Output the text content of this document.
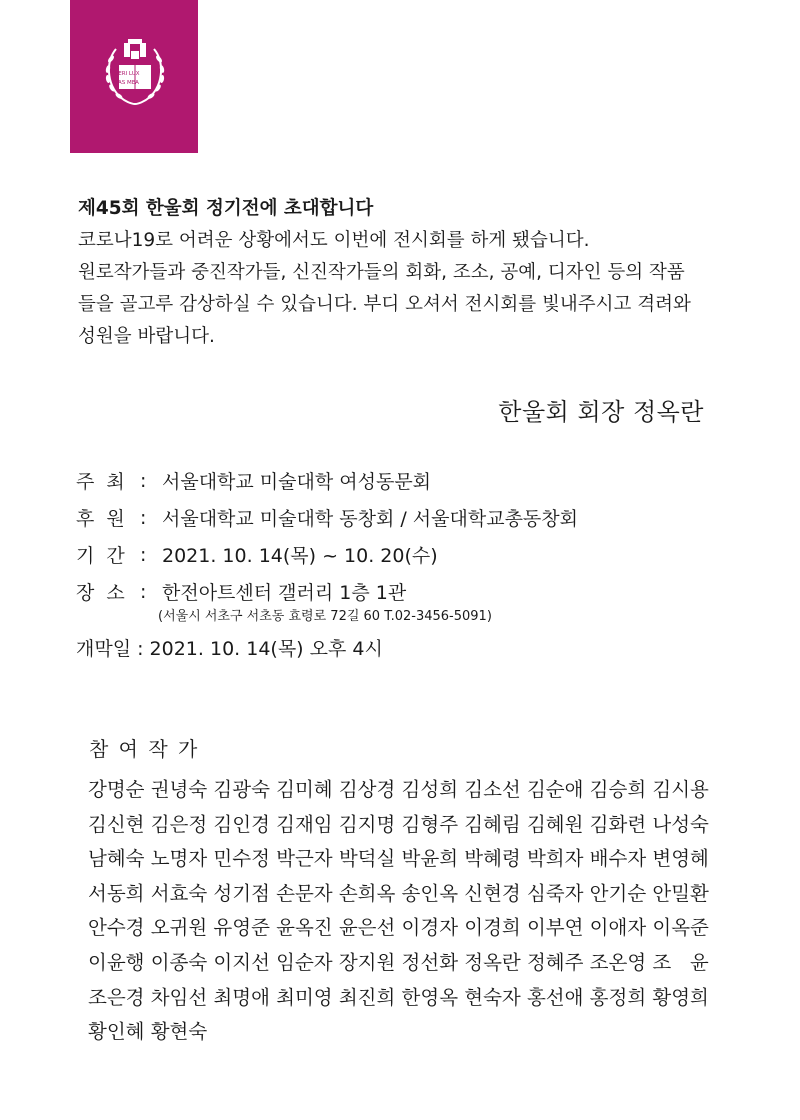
VERI LUX
TAS MEA

제45회 한울회 정기전에 초대합니다

코로나19로 어려운 상황에서도 이번에 전시회를 하게 됐습니다.

원로작가들과 중진작가들, 신진작가들의 회화, 조소, 공예, 디자인 등의 작품

들을 골고루 감상하실 수 있습니다. 부디 오셔서 전시회를 빛내주시고 격려와

성원을 바랍니다.

한울회 회장 정옥란
주  최 : 서울대학교 미술대학 여성동문회
후  원 : 서울대학교 미술대학 동창회 / 서울대학교총동창회
기  간 : 2021. 10. 14(목) ~ 10. 20(수)
장  소 : 한전아트센터 갤러리 1층 1관
(서울시 서초구 서초동 효령로 72길 60 T.02-3456-5091)
개막일 : 2021. 10. 14(목) 오후 4시
참 여 작 가
강명순 권녕숙 김광숙 김미혜 김상경 김성희 김소선 김순애 김승희 김시용
김신현 김은정 김인경 김재임 김지명 김형주 김혜림 김혜원 김화련 나성숙
남혜숙 노명자 민수정 박근자 박덕실 박윤희 박혜령 박희자 배수자 변영혜
서동희 서효숙 성기점 손문자 손희옥 송인옥 신현경 심죽자 안기순 안밀환
안수경 오귀원 유영준 윤옥진 윤은선 이경자 이경희 이부연 이애자 이옥준
이윤행 이종숙 이지선 임순자 장지원 정선화 정옥란 정혜주 조온영 조   윤
조은경 차임선 최명애 최미영 최진희 한영옥 현숙자 홍선애 홍정희 황영희
황인혜 황현숙
